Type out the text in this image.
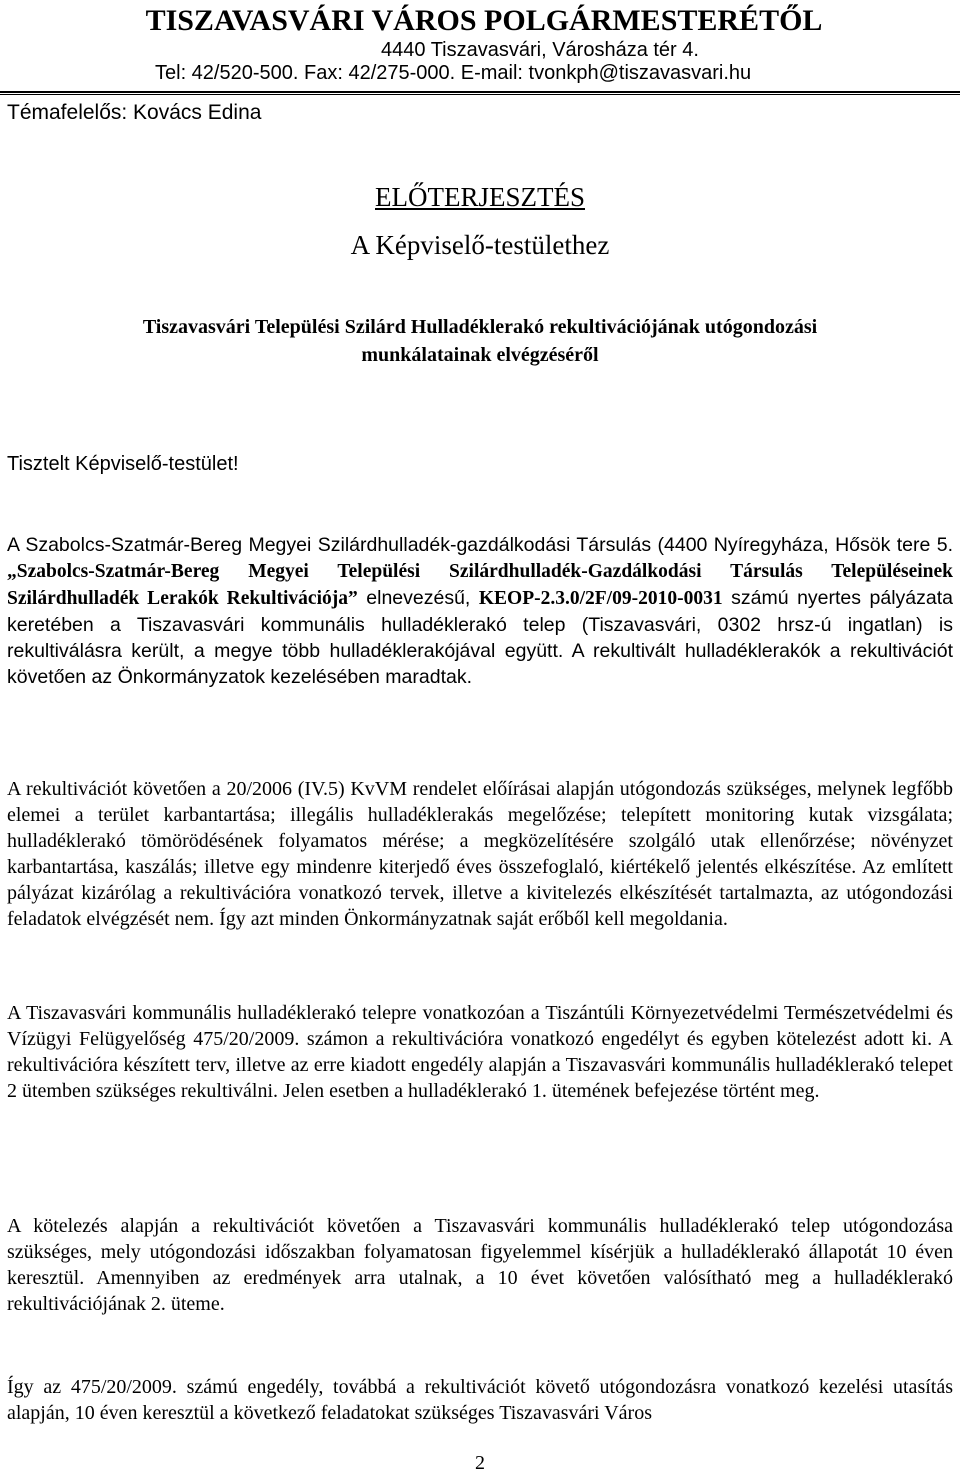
TISZAVASVÁRI VÁROS POLGÁRMESTERÉTŐL
4440 Tiszavasvári, Városháza tér 4.
Tel: 42/520-500. Fax: 42/275-000. E-mail: tvonkph@tiszavasvari.hu
Témafelelős: Kovács Edina
ELŐTERJESZTÉS
A Képviselő-testülethez
Tiszavasvári Települési Szilárd Hulladéklerakó rekultivációjának utógondozási
munkálatainak elvégzéséről
Tisztelt Képviselő-testület!
A Szabolcs-Szatmár-Bereg Megyei Szilárdhulladék-gazdálkodási Társulás (4400 Nyíregyháza, Hősök tere 5. „Szabolcs-Szatmár-Bereg Megyei Települési Szilárdhulladék-Gazdálkodási Társulás Településeinek Szilárdhulladék Lerakók Rekultivációja” elnevezésű, KEOP-2.3.0/2F/09-2010-0031 számú nyertes pályázata keretében a Tiszavasvári kommunális hulladéklerakó telep (Tiszavasvári, 0302 hrsz-ú ingatlan) is rekultiválásra került, a megye több hulladéklerakójával együtt. A rekultivált hulladéklerakók a rekultivációt követően az Önkormányzatok kezelésében maradtak.
A rekultivációt követően a 20/2006 (IV.5) KvVM rendelet előírásai alapján utógondozás szükséges, melynek legfőbb elemei a terület karbantartása; illegális hulladéklerakás megelőzése; telepített monitoring kutak vizsgálata; hulladéklerakó tömörödésének folyamatos mérése; a megközelítésére szolgáló utak ellenőrzése; növényzet karbantartása, kaszálás; illetve egy mindenre kiterjedő éves összefoglaló, kiértékelő jelentés elkészítése. Az említett pályázat kizárólag a rekultivációra vonatkozó tervek, illetve a kivitelezés elkészítését tartalmazta, az utógondozási feladatok elvégzését nem. Így azt minden Önkormányzatnak saját erőből kell megoldania.
A Tiszavasvári kommunális hulladéklerakó telepre vonatkozóan a Tiszántúli Környezetvédelmi Természetvédelmi és Vízügyi Felügyelőség 475/20/2009. számon a rekultivációra vonatkozó engedélyt és egyben kötelezést adott ki. A rekultivációra készített terv, illetve az erre kiadott engedély alapján a Tiszavasvári kommunális hulladéklerakó telepet 2 ütemben szükséges rekultiválni. Jelen esetben a hulladéklerakó 1. ütemének befejezése történt meg.
A kötelezés alapján a rekultivációt követően a Tiszavasvári kommunális hulladéklerakó telep utógondozása szükséges, mely utógondozási időszakban folyamatosan figyelemmel kísérjük a hulladéklerakó állapotát 10 éven keresztül. Amennyiben az eredmények arra utalnak, a 10 évet követően valósítható meg a hulladéklerakó rekultivációjának 2. üteme.
Így az 475/20/2009. számú engedély, továbbá a rekultivációt követő utógondozásra vonatkozó kezelési utasítás alapján, 10 éven keresztül a következő feladatokat szükséges Tiszavasvári Város
2
